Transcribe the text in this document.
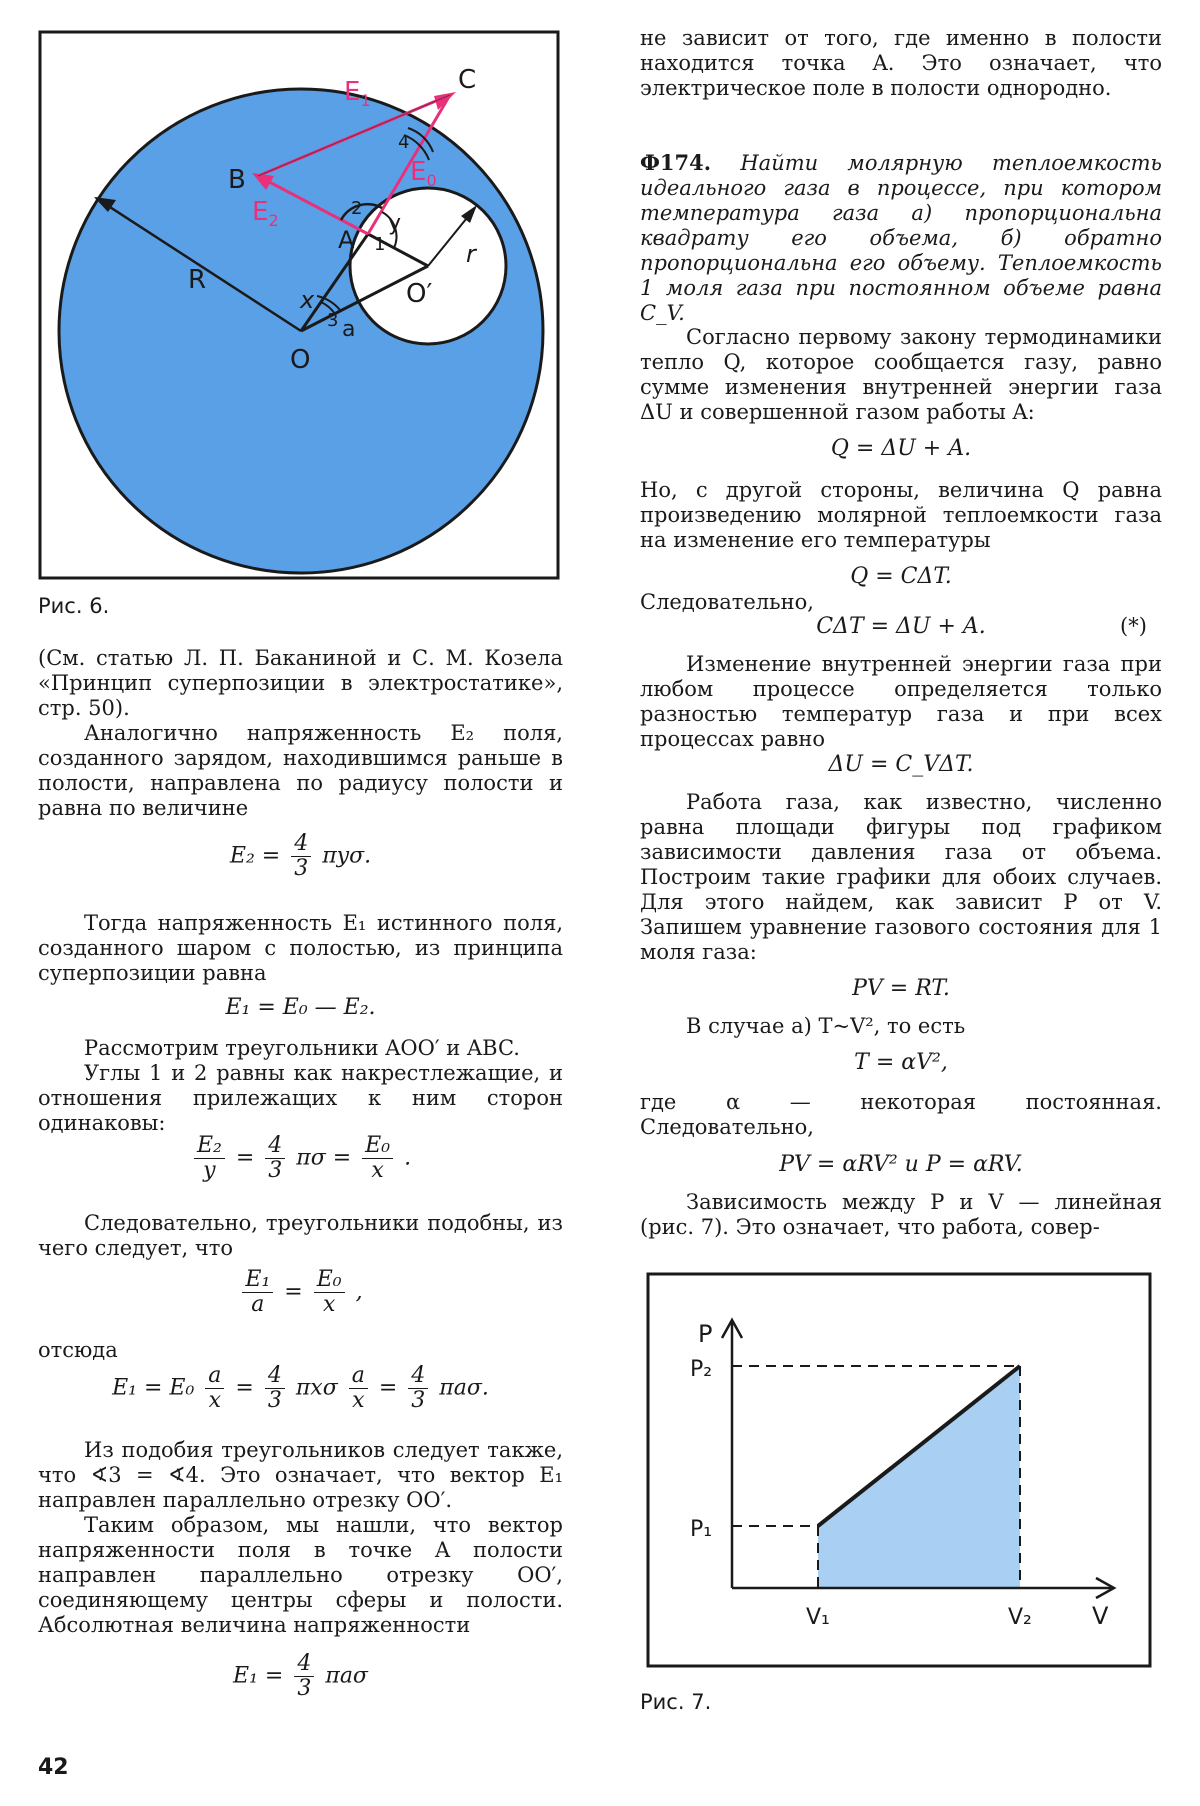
C
B
A
O
O′
R
r
x
y
a
1
2
3
4
$E_1$
$E_0$
$E_2$
Рис. 6.

(См. статью Л. П. Баканиной и С. М. Козела «Принцип суперпозиции в электростатике», стр. 50).

Аналогично напряженность E₂ поля, созданного зарядом, находившимся раньше в полости, направлена по радиусу полости и равна по величине

$E_2 = \frac{4}{3} \pi y\sigma$.

Тогда напряженность E₁ истинного поля, созданного шаром с полостью, из принципа суперпозиции равна

E₁ = E₀ — E₂.

Рассмотрим треугольники AOO′ и ABC.

Углы 1 и 2 равны как накрестлежащие, и отношения прилежащих к ним сторон одинаковы:

$\frac{\text{E₂}}{y} = \frac{4}{3}$ $\pi\sigma = \frac{\text{E₀}}{x}$ .

Следовательно, треугольники подобны, из чего следует, что

$\frac{\text{E₁}}{a} = \frac{\text{E₀}}{x}$ ,

отсюда

$E_1 = E_0 \frac{a}{x} = \frac{4}{3}$ πxσ $\frac{a}{x} = \frac{4}{3} \pi a\sigma$.

Из подобия треугольников следует также, что ∢3 = ∢4. Это означает, что вектор E₁ направлен параллельно отрезку OO′.

Таким образом, мы нашли, что вектор напряженности поля в точке A полости направлен параллельно отрезку OO′, соединяющему центры сферы и полости. Абсолютная величина напряженности

$E_1 = \frac{4}{3}$ πaσ
42

не зависит от того, где именно в полости находится точка A. Это означает, что электрическое поле в полости однородно.

Ф174. Найти молярную теплоемкость идеального газа в процессе, при котором температура газа а) пропорциональна квадрату его объема, б) обратно пропорциональна его объему. Теплоемкость 1 моля газа при постоянном объеме равна C_V.

Согласно первому закону термодинамики тепло Q, которое сообщается газу, равно сумме изменения внутренней энергии газа ΔU и совершенной газом работы A:

Q = ΔU + A.

Но, с другой стороны, величина Q равна произведению молярной теплоемкости газа на изменение его температуры

Q = CΔT.

Следовательно,

CΔT = ΔU + A.	(*)

Изменение внутренней энергии газа при любом процессе определяется только разностью температур газа и при всех процессах равно

ΔU = C_VΔT.

Работа газа, как известно, численно равна площади фигуры под графиком зависимости давления газа от объема. Построим такие графики для обоих случаев. Для этого найдем, как зависит P от V. Запишем уравнение газового состояния для 1 моля газа:

PV = RT.

В случае а) T~V², то есть

T = αV²,

где α — некоторая постоянная. Следовательно,

PV = αRV² и P = αRV.

Зависимость между P и V — линейная (рис. 7). Это означает, что работа, совер-

P
P₂
P₁
V₁	V₂	V
Рис. 7.
